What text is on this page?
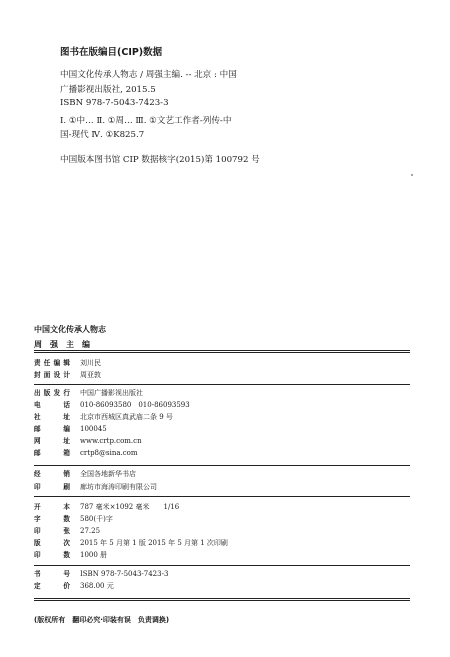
图书在版编目(CIP)数据
中国文化传承人物志 / 周强主编. -- 北京 : 中国
广播影视出版社, 2015.5
ISBN 978-7-5043-7423-3
Ⅰ. ①中… Ⅱ. ①周… Ⅲ. ①文艺工作者-列传-中
国-现代 Ⅳ. ①K825.7
中国版本图书馆 CIP 数据核字(2015)第 100792 号
中国文化传承人物志
周　强　主　编
责任编辑 刘川民
封面设计 周亚敦
出版发行 中国广播影视出版社
电　　话 010-86093580　010-86093593
社　　址 北京市西城区真武庙二条 9 号
邮　　编 100045
网　　址 www.crtp.com.cn
邮　　箱 crtp8@sina.com
经　　销 全国各地新华书店
印　　刷 廊坊市海涛印刷有限公司
开　　本 787 毫米×1092 毫米　　1/16
字　　数 580(千)字
印　　张 27.25
版　　次 2015 年 5 月第 1 版 2015 年 5 月第 1 次印刷
印　　数 1000 册
书　　号 ISBN 978-7-5043-7423-3
定　　价 368.00 元
(版权所有　翻印必究·印装有误　负责调换)
